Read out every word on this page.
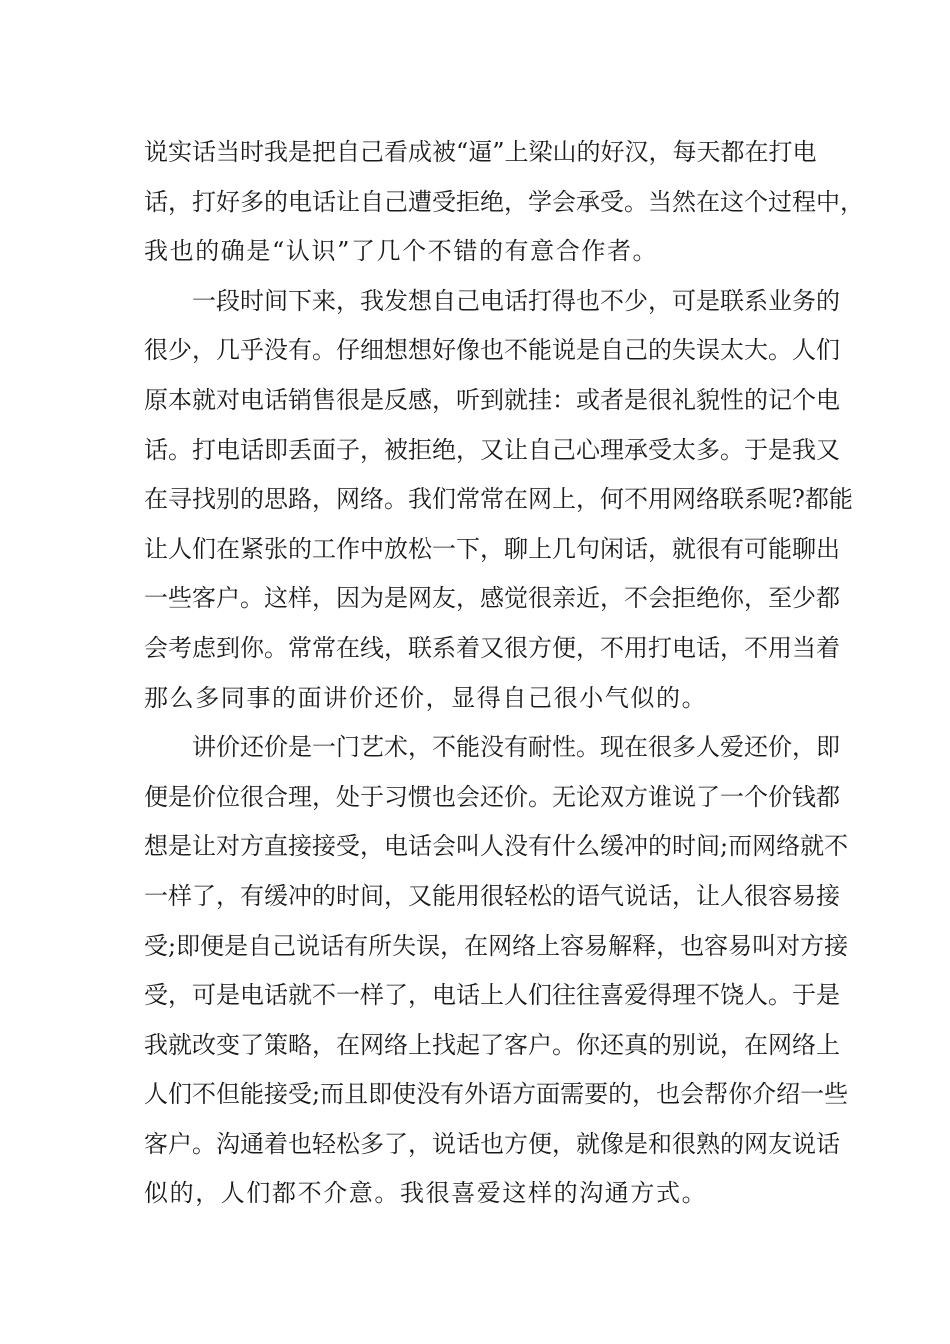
说实话当时我是把自己看成被“逼”上梁山的好汉，每天都在打电
话，打好多的电话让自己遭受拒绝，学会承受。当然在这个过程中，
我也的确是“认识”了几个不错的有意合作者。
一段时间下来，我发想自己电话打得也不少，可是联系业务的
很少，几乎没有。仔细想想好像也不能说是自己的失误太大。人们
原本就对电话销售很是反感，听到就挂：或者是很礼貌性的记个电
话。打电话即丢面子，被拒绝，又让自己心理承受太多。于是我又
在寻找别的思路，网络。我们常常在网上，何不用网络联系呢?都能
让人们在紧张的工作中放松一下，聊上几句闲话，就很有可能聊出
一些客户。这样，因为是网友，感觉很亲近，不会拒绝你，至少都
会考虑到你。常常在线，联系着又很方便，不用打电话，不用当着
那么多同事的面讲价还价，显得自己很小气似的。
讲价还价是一门艺术，不能没有耐性。现在很多人爱还价，即
便是价位很合理，处于习惯也会还价。无论双方谁说了一个价钱都
想是让对方直接接受，电话会叫人没有什么缓冲的时间;而网络就不
一样了，有缓冲的时间，又能用很轻松的语气说话，让人很容易接
受;即便是自己说话有所失误，在网络上容易解释，也容易叫对方接
受，可是电话就不一样了，电话上人们往往喜爱得理不饶人。于是
我就改变了策略，在网络上找起了客户。你还真的别说，在网络上
人们不但能接受;而且即使没有外语方面需要的，也会帮你介绍一些
客户。沟通着也轻松多了，说话也方便，就像是和很熟的网友说话
似的，人们都不介意。我很喜爱这样的沟通方式。
